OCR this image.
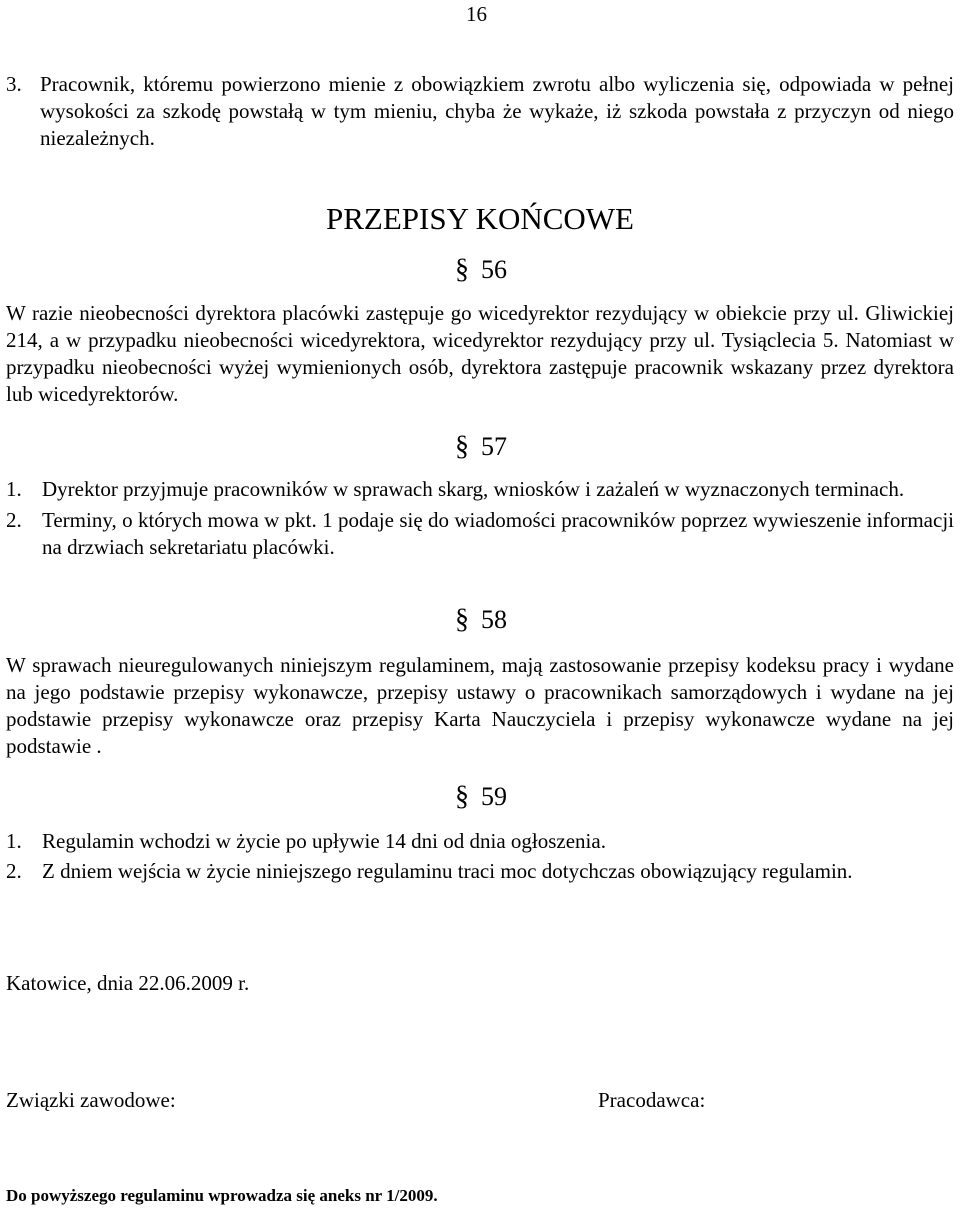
16
3. Pracownik, któremu powierzono mienie z obowiązkiem zwrotu albo wyliczenia się, odpowiada w pełnej wysokości za szkodę powstałą w tym mieniu, chyba że wykaże, iż szkoda powstała z przyczyn od niego niezależnych.
PRZEPISY KOŃCOWE
§ 56
W razie nieobecności dyrektora placówki zastępuje go wicedyrektor rezydujący w obiekcie przy ul. Gliwickiej 214, a w przypadku nieobecności wicedyrektora, wicedyrektor rezydujący przy ul. Tysiąclecia 5. Natomiast w przypadku nieobecności wyżej wymienionych osób, dyrektora zastępuje pracownik wskazany przez dyrektora lub wicedyrektorów.
§ 57
1. Dyrektor przyjmuje pracowników w sprawach skarg, wniosków i zażaleń w wyznaczonych terminach.
2. Terminy, o których mowa w pkt. 1 podaje się do wiadomości pracowników poprzez wywieszenie informacji na drzwiach sekretariatu placówki.
§ 58
W sprawach nieuregulowanych niniejszym regulaminem, mają zastosowanie przepisy kodeksu pracy i wydane na jego podstawie przepisy wykonawcze, przepisy ustawy o pracownikach samorządowych i wydane na jej podstawie przepisy wykonawcze oraz przepisy Karta Nauczyciela i przepisy wykonawcze wydane na jej podstawie .
§ 59
1. Regulamin wchodzi w życie po upływie 14 dni od dnia ogłoszenia.
2. Z dniem wejścia w życie niniejszego regulaminu traci moc dotychczas obowiązujący regulamin.
Katowice, dnia 22.06.2009 r.
Związki zawodowe:	Pracodawca:
Do powyższego regulaminu wprowadza się aneks nr 1/2009.
